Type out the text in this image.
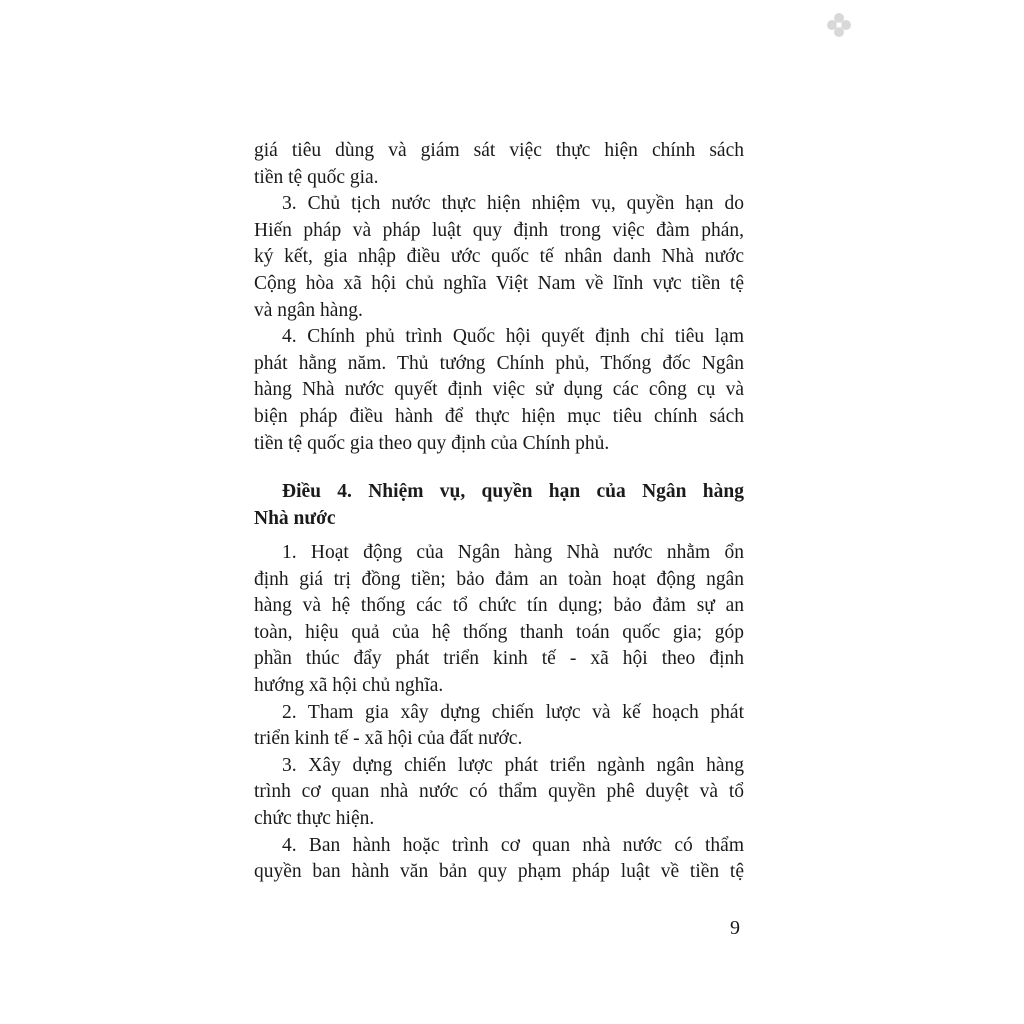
giá tiêu dùng và giám sát việc thực hiện chính sách
tiền tệ quốc gia.
3. Chủ tịch nước thực hiện nhiệm vụ, quyền hạn do
Hiến pháp và pháp luật quy định trong việc đàm phán,
ký kết, gia nhập điều ước quốc tế nhân danh Nhà nước
Cộng hòa xã hội chủ nghĩa Việt Nam về lĩnh vực tiền tệ
và ngân hàng.
4. Chính phủ trình Quốc hội quyết định chỉ tiêu lạm
phát hằng năm. Thủ tướng Chính phủ, Thống đốc Ngân
hàng Nhà nước quyết định việc sử dụng các công cụ và
biện pháp điều hành để thực hiện mục tiêu chính sách
tiền tệ quốc gia theo quy định của Chính phủ.
Điều 4. Nhiệm vụ, quyền hạn của Ngân hàng
Nhà nước
1. Hoạt động của Ngân hàng Nhà nước nhằm ổn
định giá trị đồng tiền; bảo đảm an toàn hoạt động ngân
hàng và hệ thống các tổ chức tín dụng; bảo đảm sự an
toàn, hiệu quả của hệ thống thanh toán quốc gia; góp
phần thúc đẩy phát triển kinh tế - xã hội theo định
hướng xã hội chủ nghĩa.
2. Tham gia xây dựng chiến lược và kế hoạch phát
triển kinh tế - xã hội của đất nước.
3. Xây dựng chiến lược phát triển ngành ngân hàng
trình cơ quan nhà nước có thẩm quyền phê duyệt và tổ
chức thực hiện.
4. Ban hành hoặc trình cơ quan nhà nước có thẩm
quyền ban hành văn bản quy phạm pháp luật về tiền tệ
9
